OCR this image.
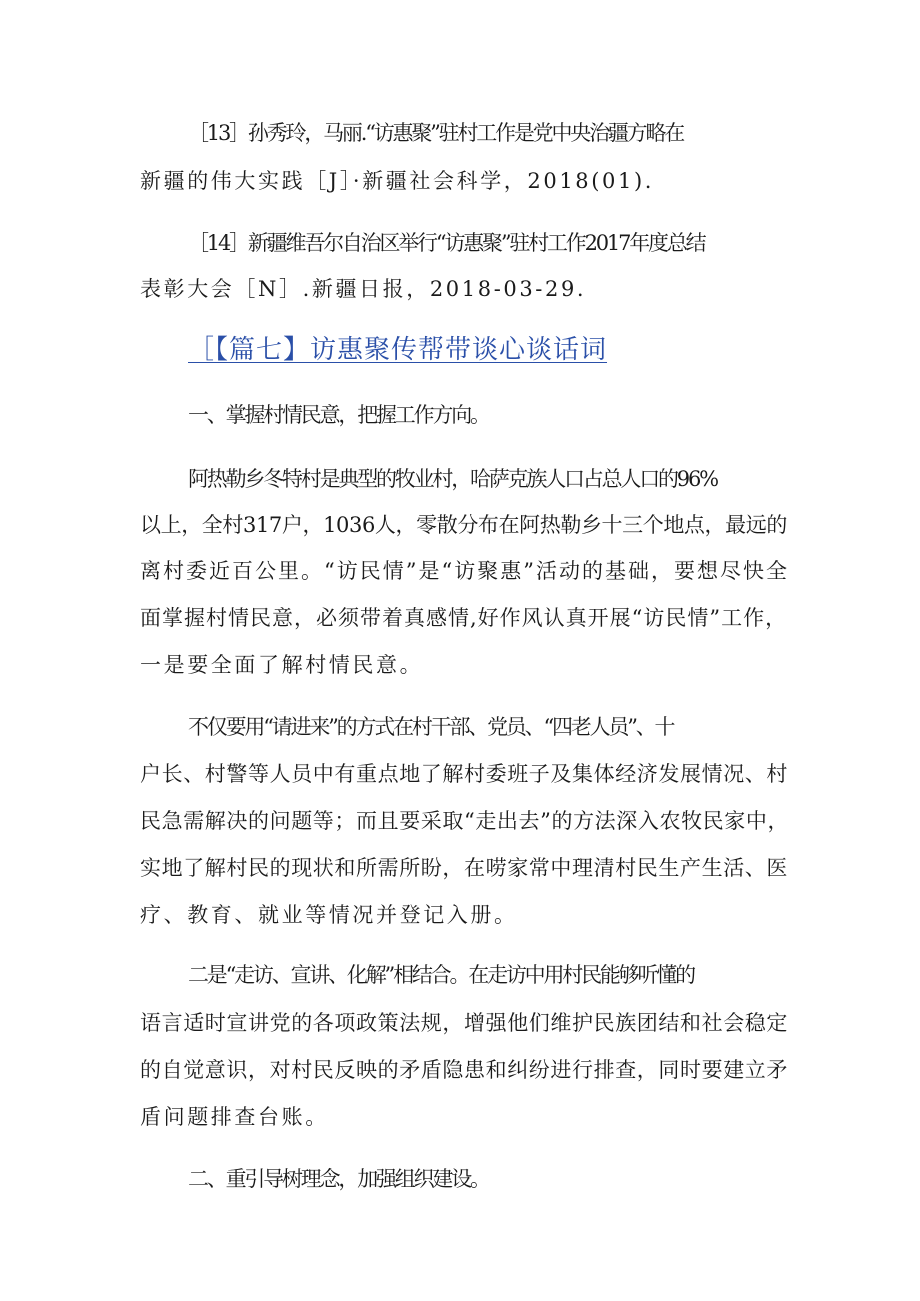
［13］孙秀玲，马丽.“访惠聚”驻村工作是党中央治疆方略在
新疆的伟大实践［J］·新疆社会科学，2018(01).
［14］新疆维吾尔自治区举行“访惠聚”驻村工作2017年度总结
表彰大会［N］.新疆日报，2018-03-29.
［【篇七】访惠聚传帮带谈心谈话词
一、掌握村情民意，把握工作方向。
阿热勒乡冬特村是典型的牧业村，哈萨克族人口占总人口的96%
以上，全村317户，1036人，零散分布在阿热勒乡十三个地点，最远的
离村委近百公里。“访民情”是“访聚惠”活动的基础，要想尽快全
面掌握村情民意，必须带着真感情,好作风认真开展“访民情”工作，
一是要全面了解村情民意。
不仅要用“请进来”的方式在村干部、党员、“四老人员”、十
户长、村警等人员中有重点地了解村委班子及集体经济发展情况、村
民急需解决的问题等；而且要采取“走出去”的方法深入农牧民家中，
实地了解村民的现状和所需所盼，在唠家常中理清村民生产生活、医
疗、教育、就业等情况并登记入册。
二是“走访、宣讲、化解”相结合。在走访中用村民能够听懂的
语言适时宣讲党的各项政策法规，增强他们维护民族团结和社会稳定
的自觉意识，对村民反映的矛盾隐患和纠纷进行排查，同时要建立矛
盾问题排查台账。
二、重引导树理念，加强组织建设。
